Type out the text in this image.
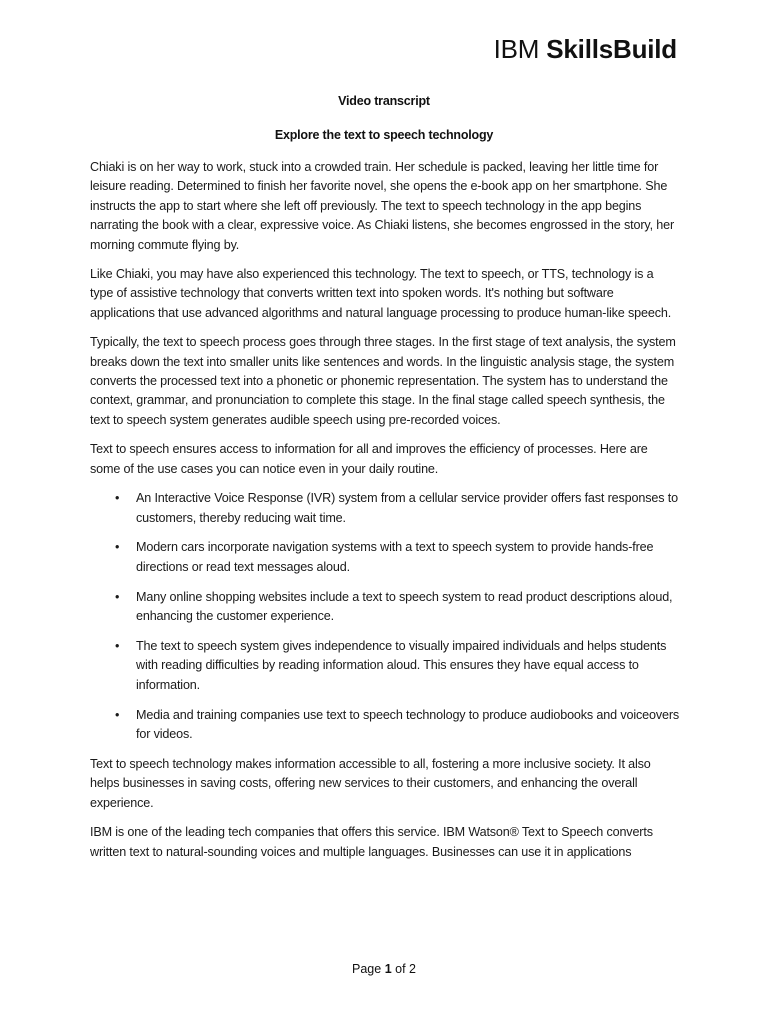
IBM SkillsBuild
Video transcript
Explore the text to speech technology

Chiaki is on her way to work, stuck into a crowded train. Her schedule is packed, leaving her little time for leisure reading. Determined to finish her favorite novel, she opens the e-book app on her smartphone. She instructs the app to start where she left off previously. The text to speech technology in the app begins narrating the book with a clear, expressive voice. As Chiaki listens, she becomes engrossed in the story, her morning commute flying by.

Like Chiaki, you may have also experienced this technology. The text to speech, or TTS, technology is a type of assistive technology that converts written text into spoken words. It's nothing but software applications that use advanced algorithms and natural language processing to produce human-like speech.

Typically, the text to speech process goes through three stages. In the first stage of text analysis, the system breaks down the text into smaller units like sentences and words. In the linguistic analysis stage, the system converts the processed text into a phonetic or phonemic representation. The system has to understand the context, grammar, and pronunciation to complete this stage. In the final stage called speech synthesis, the text to speech system generates audible speech using pre-recorded voices.

Text to speech ensures access to information for all and improves the efficiency of processes. Here are some of the use cases you can notice even in your daily routine.

• An Interactive Voice Response (IVR) system from a cellular service provider offers fast responses to customers, thereby reducing wait time.
• Modern cars incorporate navigation systems with a text to speech system to provide hands-free directions or read text messages aloud.
• Many online shopping websites include a text to speech system to read product descriptions aloud, enhancing the customer experience.
• The text to speech system gives independence to visually impaired individuals and helps students with reading difficulties by reading information aloud. This ensures they have equal access to information.
• Media and training companies use text to speech technology to produce audiobooks and voiceovers for videos.

Text to speech technology makes information accessible to all, fostering a more inclusive society. It also helps businesses in saving costs, offering new services to their customers, and enhancing the overall experience.

IBM is one of the leading tech companies that offers this service. IBM Watson® Text to Speech converts written text to natural-sounding voices and multiple languages. Businesses can use it in applications

Page 1 of 2
